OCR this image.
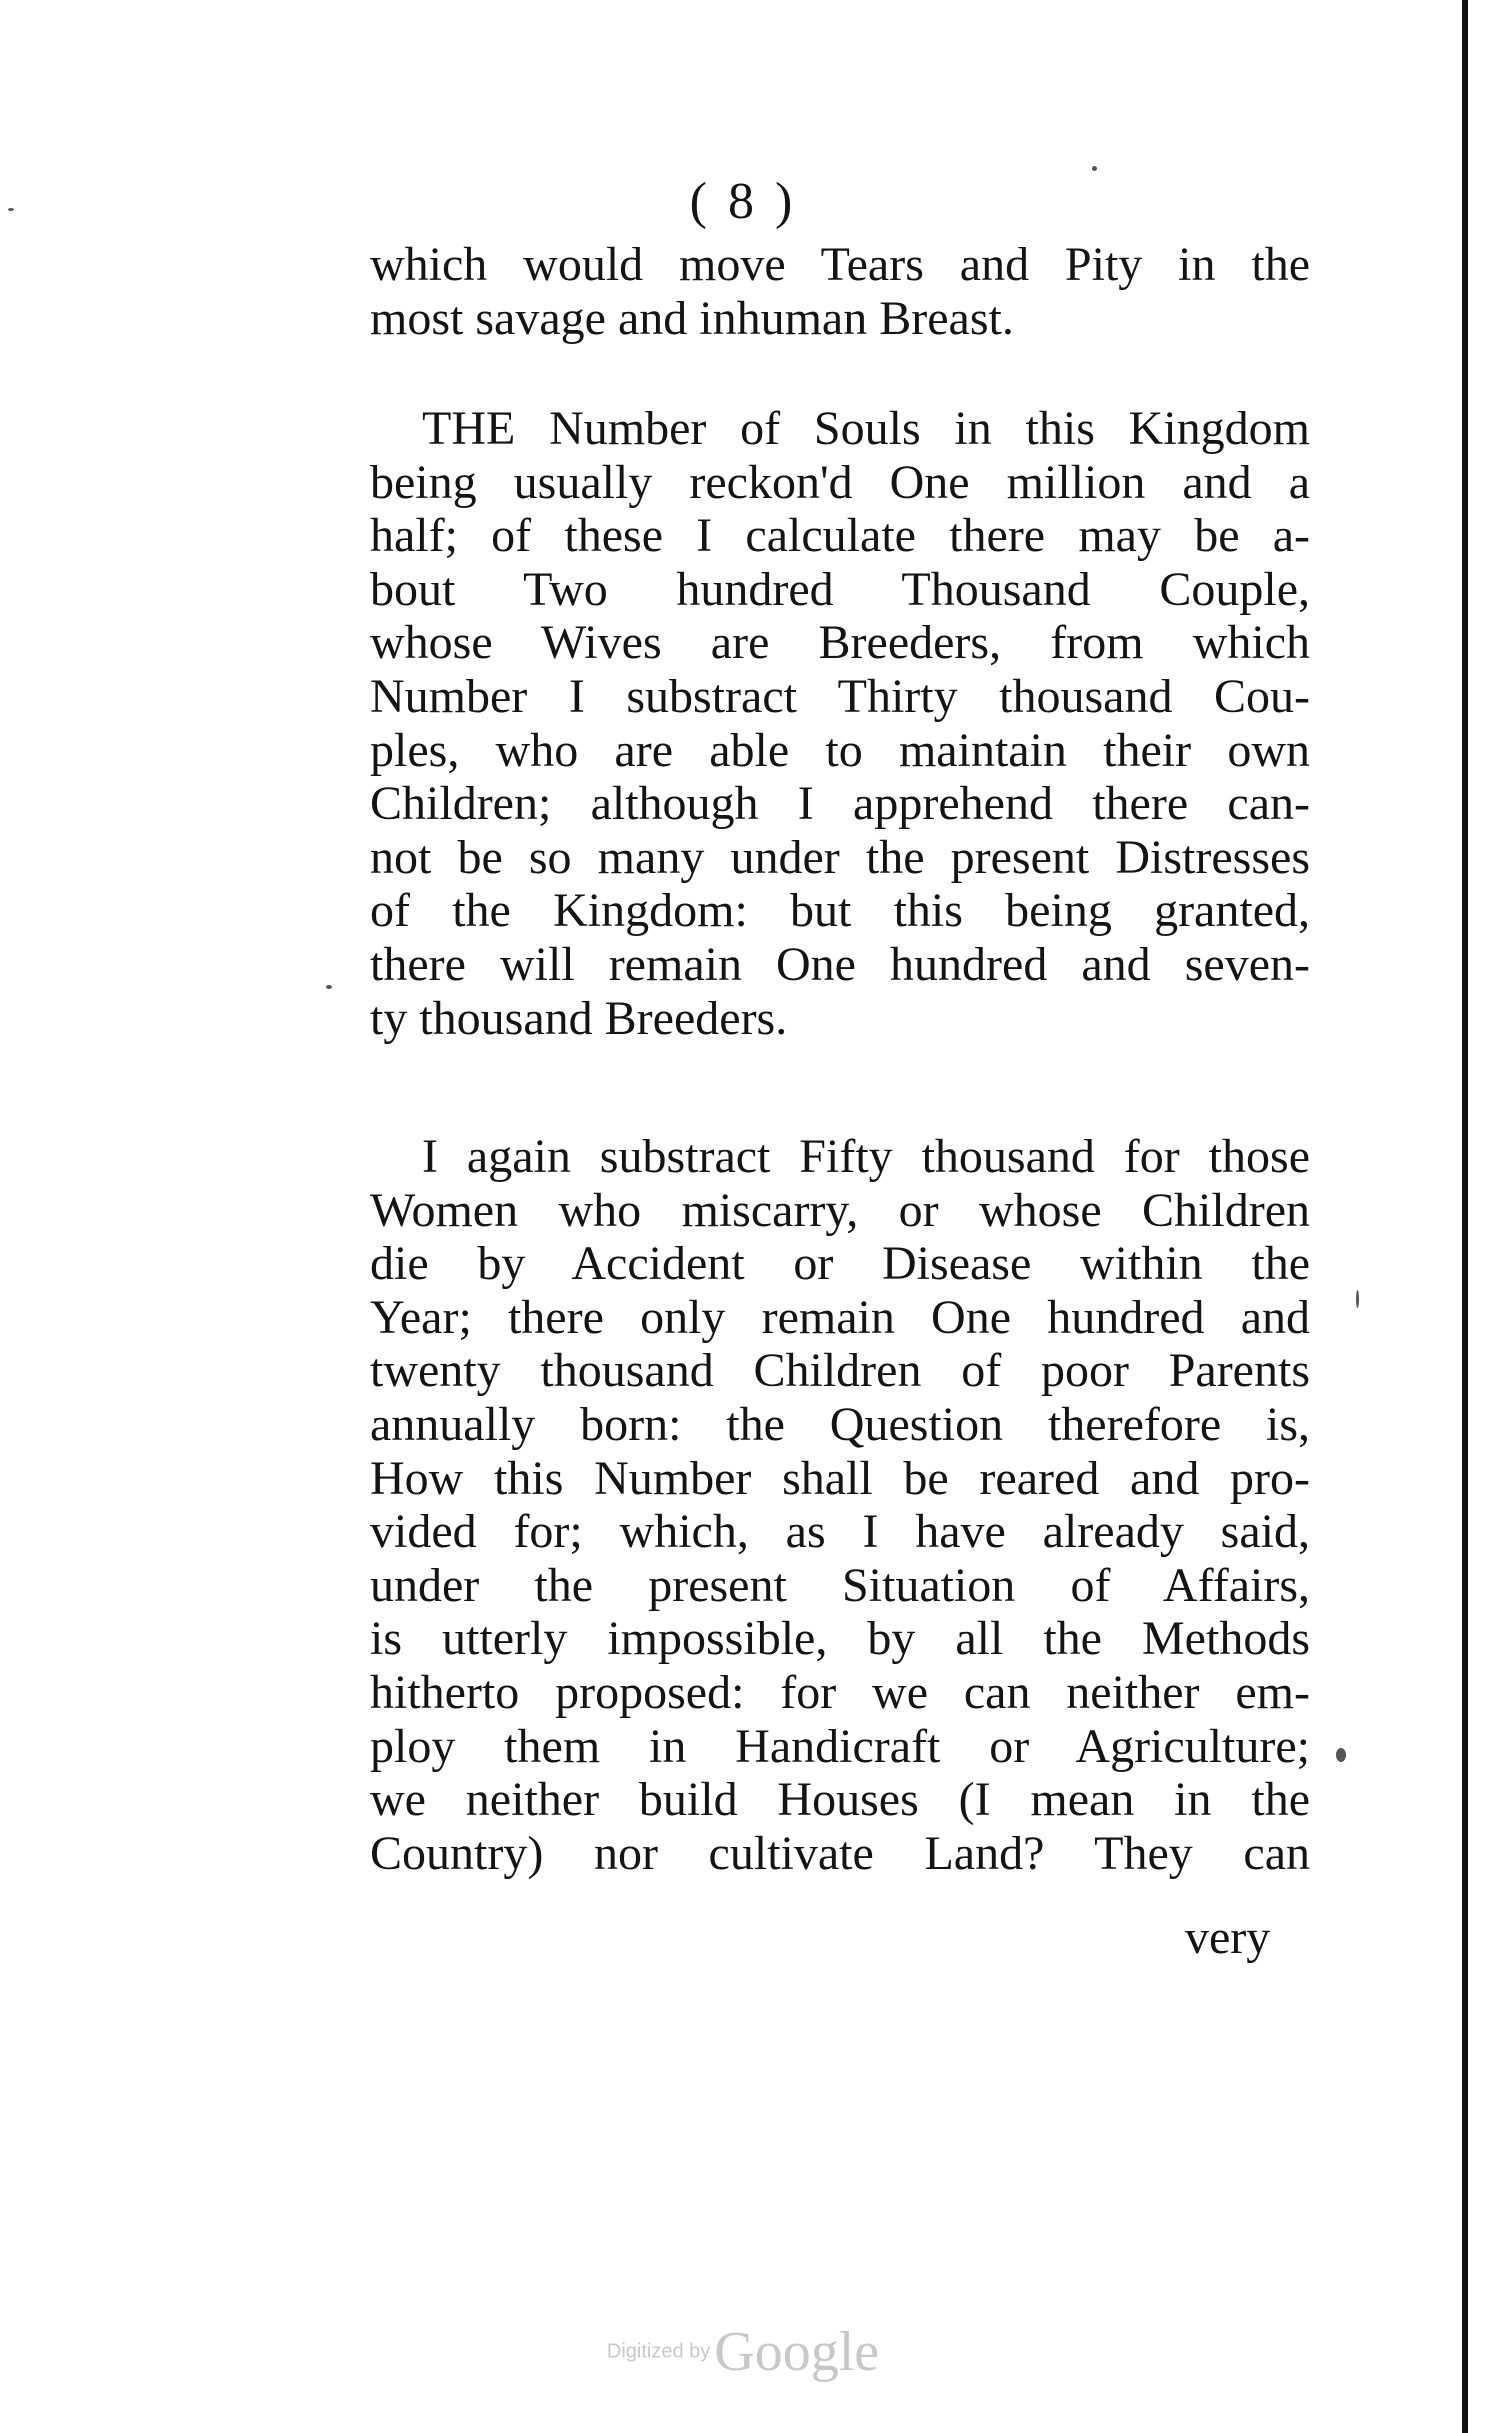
( 8 )
which would move Tears and Pity in the
most savage and inhuman Breast.
THE Number of Souls in this Kingdom
being usually reckon'd One million and a
half; of these I calculate there may be a-
bout Two hundred Thousand Couple,
whose Wives are Breeders, from which
Number I substract Thirty thousand Cou-
ples, who are able to maintain their own
Children; although I apprehend there can-
not be so many under the present Distresses
of the Kingdom: but this being granted,
there will remain One hundred and seven-
ty thousand Breeders.
I again substract Fifty thousand for those
Women who miscarry, or whose Children
die by Accident or Disease within the
Year; there only remain One hundred and
twenty thousand Children of poor Parents
annually born: the Question therefore is,
How this Number shall be reared and pro-
vided for; which, as I have already said,
under the present Situation of Affairs,
is utterly impossible, by all the Methods
hitherto proposed: for we can neither em-
ploy them in Handicraft or Agriculture;
we neither build Houses (I mean in the
Country) nor cultivate Land? They can
very
Digitized by Google
